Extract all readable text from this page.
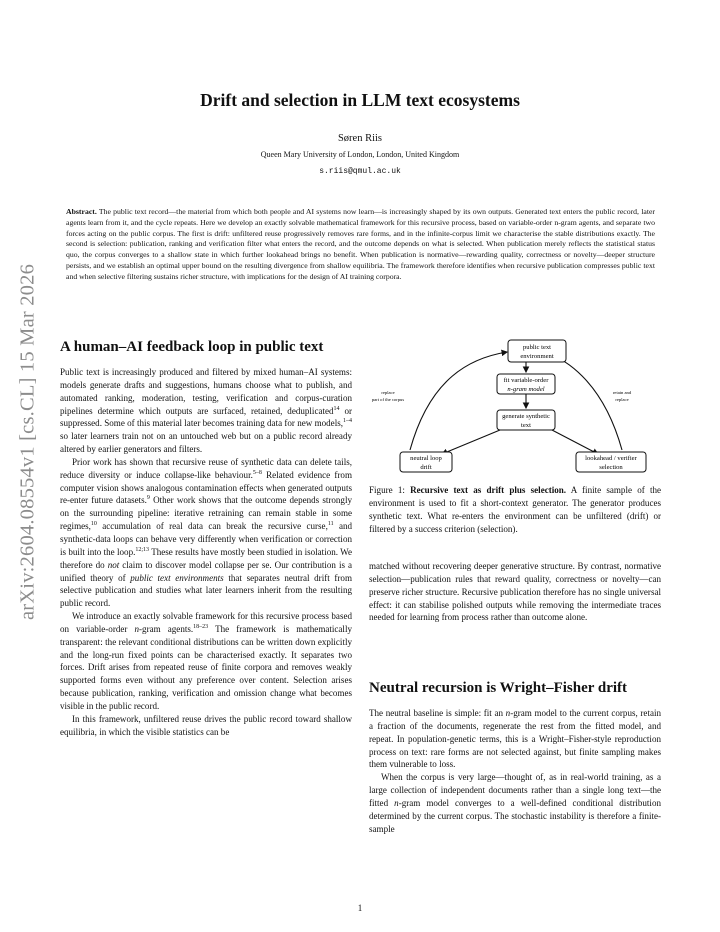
arXiv:2604.08554v1 [cs.CL] 15 Mar 2026
Drift and selection in LLM text ecosystems
Søren Riis
Queen Mary University of London, London, United Kingdom
s.riis@qmul.ac.uk

Abstract. The public text record—the material from which both people and AI systems now learn—is increasingly shaped by its own outputs. Generated text enters the public record, later agents learn from it, and the cycle repeats. Here we develop an exactly solvable mathematical framework for this recursive process, based on variable-order n-gram agents, and separate two forces acting on the public corpus. The first is drift: unfiltered reuse progressively removes rare forms, and in the infinite-corpus limit we characterise the stable distributions exactly. The second is selection: publication, ranking and verification filter what enters the record, and the outcome depends on what is selected. When publication merely reflects the statistical status quo, the corpus converges to a shallow state in which further lookahead brings no benefit. When publication is normative—rewarding quality, correctness or novelty—deeper structure persists, and we establish an optimal upper bound on the resulting divergence from shallow equilibria. The framework therefore identifies when recursive publication compresses public text and when selective filtering sustains richer structure, with implications for the design of AI training corpora.

A human–AI feedback loop in public text

Public text is increasingly produced and filtered by mixed human–AI systems: models generate drafts and suggestions, humans choose what to publish, and automated ranking, moderation, testing, verification and corpus-curation pipelines determine which outputs are surfaced, retained, deduplicated$^{14}$ or suppressed. Some of this material later becomes training data for new models,$^{1-4}$ so later learners train not on an untouched web but on a public record already altered by earlier generators and filters.

Prior work has shown that recursive reuse of synthetic data can delete tails, reduce diversity or induce collapse-like behaviour.$^{5-8}$ Related evidence from computer vision shows analogous contamination effects when generated outputs re-enter future datasets.$^9$ Other work shows that the outcome depends strongly on the surrounding pipeline: iterative retraining can remain stable in some regimes,$^{10}$ accumulation of real data can break the recursive curse,$^{11}$ and synthetic-data loops can behave very differently when verification or correction is built into the loop.$^{12;13}$ These results have mostly been studied in isolation. We therefore do not claim to discover model collapse per se. Our contribution is a unified theory of public text environments that separates neutral drift from selective publication and studies what later learners inherit from the resulting public record.

We introduce an exactly solvable framework for this recursive process based on variable-order n-gram agents.$^{18-23}$ The framework is mathematically transparent: the relevant conditional distributions can be written down explicitly and the long-run fixed points can be characterised exactly. It separates two forces. Drift arises from repeated reuse of finite corpora and removes weakly supported forms even without any preference over content. Selection arises because publication, ranking, verification and omission change what becomes visible in the public record.

In this framework, unfiltered reuse drives the public record toward shallow equilibria, in which the visible statistics can be

public text
environment
fit variable-order
n-gram model
generate synthetic
text
neutral loop
drift
lookahead / verifier
selection
replace
part of the corpus
retain and
replace
Figure 1: Recursive text as drift plus selection. A finite sample of the environment is used to fit a short-context generator. The generator produces synthetic text. What re-enters the environment can be unfiltered (drift) or filtered by a success criterion (selection).

matched without recovering deeper generative structure. By contrast, normative selection—publication rules that reward quality, correctness or novelty—can preserve richer structure. Recursive publication therefore has no single universal effect: it can stabilise polished outputs while removing the intermediate traces needed for learning from process rather than outcome alone.

Neutral recursion is Wright–Fisher drift

The neutral baseline is simple: fit an n-gram model to the current corpus, retain a fraction of the documents, regenerate the rest from the fitted model, and repeat. In population-genetic terms, this is a Wright–Fisher-style reproduction process on text: rare forms are not selected against, but finite sampling makes them vulnerable to loss.

When the corpus is very large—thought of, as in real-world training, as a large collection of independent documents rather than a single long text—the fitted n-gram model converges to a well-defined conditional distribution determined by the current corpus. The stochastic instability is therefore a finite-sample

1
